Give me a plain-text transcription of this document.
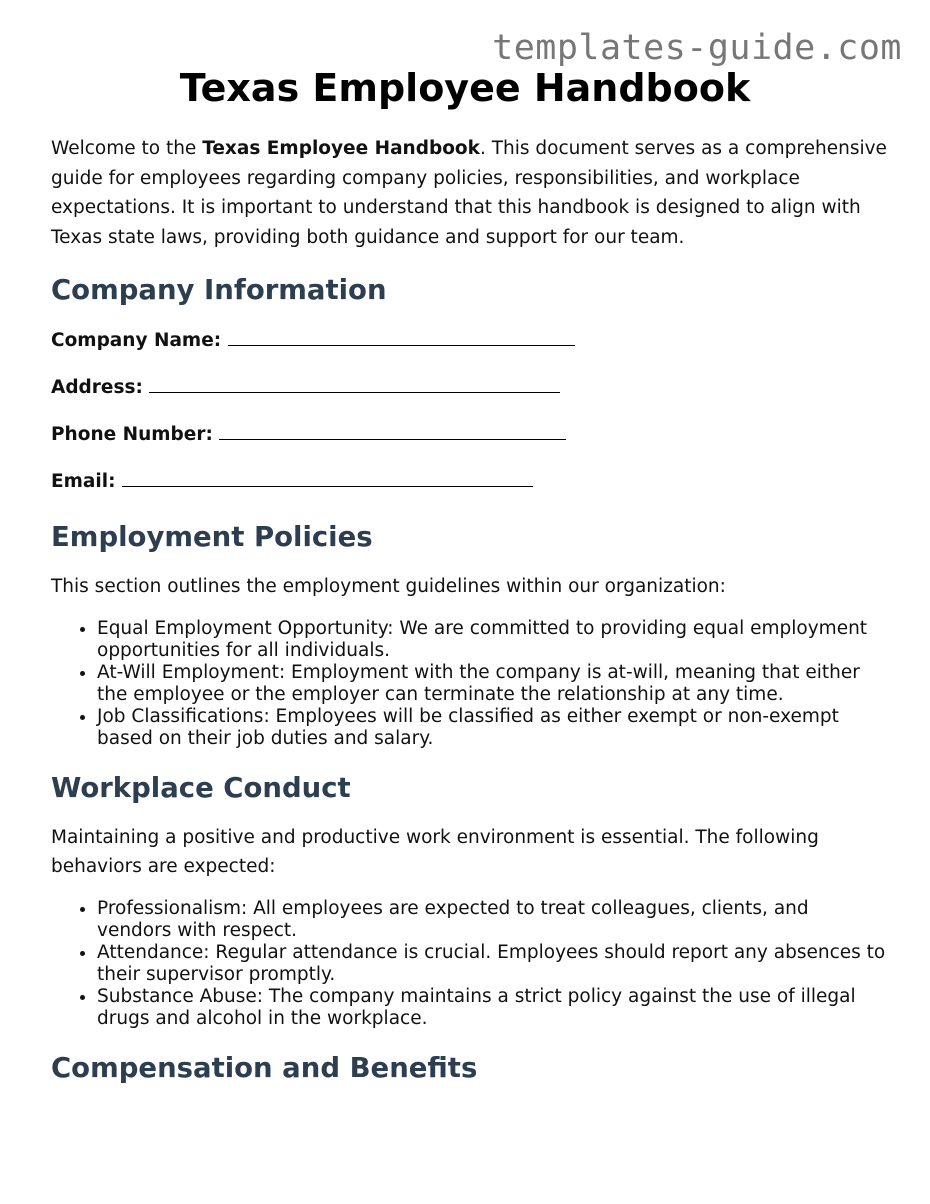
templates-guide.com
Texas Employee Handbook

Welcome to the Texas Employee Handbook. This document serves as a comprehensive guide for employees regarding company policies, responsibilities, and workplace expectations. It is important to understand that this handbook is designed to align with Texas state laws, providing both guidance and support for our team.

Company Information

Company Name:

Address:

Phone Number:

Email:

Employment Policies

This section outlines the employment guidelines within our organization:

• Equal Employment Opportunity: We are committed to providing equal employment opportunities for all individuals.
• At-Will Employment: Employment with the company is at-will, meaning that either the employee or the employer can terminate the relationship at any time.
• Job Classifications: Employees will be classified as either exempt or non-exempt based on their job duties and salary.
Workplace Conduct

Maintaining a positive and productive work environment is essential. The following behaviors are expected:

• Professionalism: All employees are expected to treat colleagues, clients, and vendors with respect.
• Attendance: Regular attendance is crucial. Employees should report any absences to their supervisor promptly.
• Substance Abuse: The company maintains a strict policy against the use of illegal drugs and alcohol in the workplace.
Compensation and Benefits
